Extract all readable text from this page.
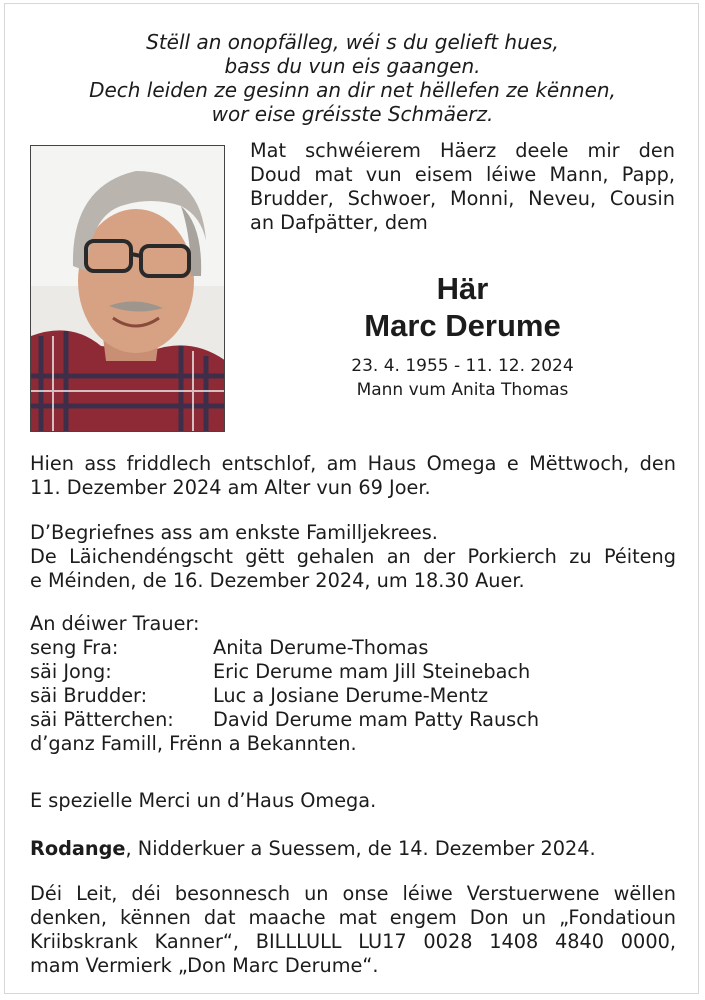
Stëll an onopfälleg, wéi s du gelieft hues,
bass du vun eis gaangen.
Dech leiden ze gesinn an dir net hëllefen ze kënnen,
wor eise gréisste Schmäerz.
Mat schwéierem Häerz deele mir den
Doud mat vun eisem léiwe Mann, Papp,
Brudder, Schwoer, Monni, Neveu, Cousin
an Dafpätter, dem
Här
Marc Derume
23. 4. 1955 - 11. 12. 2024
Mann vum Anita Thomas
Hien ass friddlech entschlof, am Haus Omega e Mëttwoch, den
11. Dezember 2024 am Alter vun 69 Joer.
D’Begriefnes ass am enkste Familljekrees.
De Läichendéngscht gëtt gehalen an der Porkierch zu Péiteng
e Méinden, de 16. Dezember 2024, um 18.30 Auer.
An déiwer Trauer:
seng Fra:	Anita Derume-Thomas
säi Jong:	Eric Derume mam Jill Steinebach
säi Brudder:	Luc a Josiane Derume-Mentz
säi Pätterchen:	David Derume mam Patty Rausch
d’ganz Famill, Frënn a Bekannten.
E spezielle Merci un d’Haus Omega.
Rodange, Nidderkuer a Suessem, de 14. Dezember 2024.
Déi Leit, déi besonnesch un onse léiwe Verstuerwene wëllen
denken, kënnen dat maache mat engem Don un „Fondatioun
Kriibskrank Kanner“, BILLLULL LU17 0028 1408 4840 0000,
mam Vermierk „Don Marc Derume“.
